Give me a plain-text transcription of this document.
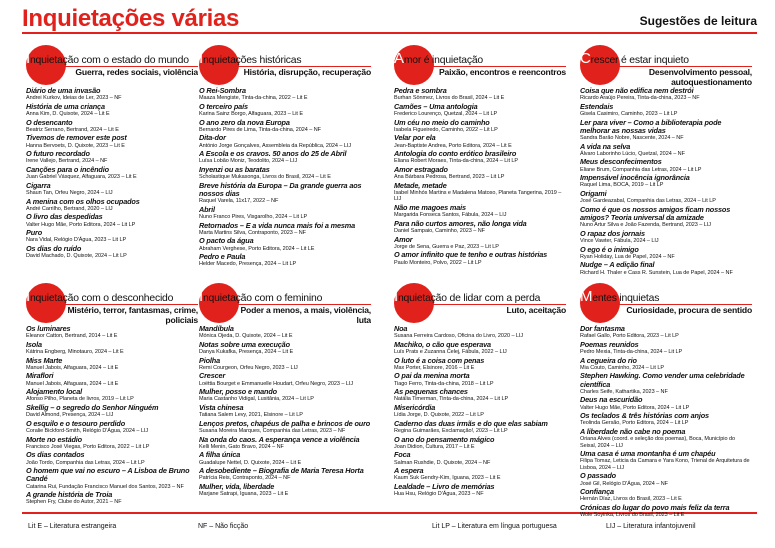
Inquietações várias	Sugestões de leitura
Inquietação com o estado do mundo
Guerra, redes sociais, violência
Diário de uma invasão
Andrei Kurkov, Ideias de Ler, 2023 – NF
História de uma criança
Anna Kim, D. Quixote, 2024 – Lit E
O desencanto
Beatriz Serrano, Bertrand, 2024 – Lit E
Tivemos de remover este post
Hanna Bervoets, D. Quixote, 2023 – Lit E
O futuro recordado
Irene Vallejo, Bertrand, 2024 – NF
Canções para o incêndio
Juan Gabriel Vásquez, Alfaguara, 2023 – Lit E
Cigarra
Shaun Tan, Orfeu Negro, 2024 – LIJ
A menina com os olhos ocupados
André Carrilho, Bertrand, 2020 – LIJ
O livro das despedidas
Valter Hugo Mãe, Porto Editora, 2024 – Lit LP
Puro
Nara Vidal, Relógio D'Água, 2023 – Lit LP
Os dias do ruído
David Machado, D. Quixote, 2024 – Lit LP
Inquietações históricas
História, disrupção, recuperação
O Rei-Sombra
Maaza Mengiste, Tinta-da-china, 2022 – Lit E
O terceiro país
Karina Sainz Borgo, Alfaguara, 2023 – Lit E
O ano zero da nova Europa
Bernardo Pires de Lima, Tinta-da-china, 2024 – NF
Dita-dor
António Jorge Gonçalves, Assembleia da República, 2024 – LIJ
A Escola e os cravos. 50 anos do 25 de Abril
Luísa Lobão Moniz, Teodolito, 2024 – LIJ
Inyenzi ou as baratas
Scholastique Mukasonga, Livros do Brasil, 2024 – Lit E
Breve história da Europa – Da grande guerra aos nossos dias
Raquel Varela, 11x17, 2022 – NF
Abril
Nuno Franco Pires, Visgarolho, 2024 – Lit LP
Retornados – E a vida nunca mais foi a mesma
Marta Martins Silva, Contraponto, 2023 – NF
O pacto da água
Abraham Verghese, Porto Editora, 2024 – Lit LE
Pedro e Paula
Helder Macedo, Presença, 2024 – Lit LP
Amor é inquietação
Paixão, encontros e reencontros
Pedra e sombra
Burhan Sönmez, Livros do Brasil, 2024 – Lit E
Camões – Uma antologia
Frederico Lourenço, Quetzal, 2024 – Lit LP
Um céu no meio do caminho
Isabela Figueiredo, Caminho, 2022 – Lit LP
Velar por ela
Jean-Baptiste Andrea, Porto Editora, 2024 – Lit E
Antologia do conto erótico brasileiro
Eliana Robert Moraes, Tinta-da-china, 2024 – Lit LP
Amor estragado
Ana Bárbara Pedrosa, Bertrand, 2023 – Lit LP
Metade, metade
Isabel Minhós Martins e Madalena Matoso, Planeta Tangerina, 2019 – LIJ
Não me magoes mais
Margarida Fonseca Santos, Fábula, 2024 – LIJ
Para não curtos amores, não longa vida
Daniel Sampaio, Caminho, 2023 – NF
Amor
Jorge de Sena, Guerra e Paz, 2023 – Lit LP
O amor infinito que te tenho e outras histórias
Paulo Monteiro, Polvo, 2022 – Lit LP
Crescer é estar inquieto
Desenvolvimento pessoal, autoquestionamento
Coisa que não edifica nem destrói
Ricardo Araújo Pereira, Tinta-da-china, 2023 – NF
Estendais
Gisela Casimiro, Caminho, 2023 – Lit LP
Ler para viver – Como a biblioterapia pode melhorar as nossas vidas
Sandra Barão Nobre, Nascente, 2024 – NF
A vida na selva
Álvaro Laborinho Lúcio, Quetzal, 2024 – NF
Meus desconfecimentos
Eliane Brum, Companhia das Letras, 2024 – Lit LP
Impensável inocência ignorância
Raquel Lima, BOCA, 2019 – Lit LP
Origami
José Gardeazabal, Companhia das Letras, 2024 – Lit LP
Como é que os nossos amigos ficam nossos amigos? Teoria universal da amizade
Nuno Artur Silva e João Fazenda, Bertrand, 2023 – LIJ
O rapaz dos jornais
Vince Vawter, Fábula, 2024 – LIJ
O ego é o inimigo
Ryan Holiday, Lua de Papel, 2024 – NF
Nudge – A edição final
Richard H. Thaler e Cass R. Sunstein, Lua de Papel, 2024 – NF
Inquietação com o desconhecido
Mistério, terror, fantasmas, crime, policiais
Os luminares
Eleanor Catton, Bertrand, 2014 – Lit E
Isola
Kátrina Engberg, Minotauro, 2024 – Lit E
Miss Marte
Manuel Jabois, Alfaguara, 2024 – Lit E
Miraflori
Manuel Jabois, Alfaguara, 2024 – Lit E
Alojamento local
Afonso Pilho, Planeta de livros, 2019 – Lit LP
Skellig – o segredo do Senhor Ninguém
David Almond, Presença, 2024 – LIJ
O esquilo e o tesouro perdido
Coralie Bickford-Smith, Relógio D'Água, 2024 – LIJ
Morte no estádio
Francisco José Viegas, Porto Editora, 2022 – Lit LP
Os dias contados
João Tordo, Companhia das Letras, 2024 – Lit LP
O homem que vai no escuro – A Lisboa de Bruno Candé
Catarina Rui, Fundação Francisco Manuel dos Santos, 2023 – NF
A grande história de Troia
Stephen Fry, Clube do Autor, 2021 – NF
Inquietação com o feminino
Poder a menos, a mais, violência, luta
Mandíbula
Mónica Ojeda, D. Quixote, 2024 – Lit E
Notas sobre uma execução
Danya Kukafka, Presença, 2024 – Lit E
Piolha
Remi Courgeon, Orfeu Negro, 2023 – LIJ
Crescer
Loëttia Bourget e Emmanuelle Houdart, Orfeu Negro, 2023 – LIJ
Mulher, posso e mando
Maria Castanho Vidigal, Lusitânia, 2024 – Lit LP
Vista chinesa
Tatiana Salem Levy, 2021, Elsinore – Lit LP
Lenços pretos, chapéus de palha e brincos de ouro
Susana Moreira Marques, Companhia das Letras, 2023 – NF
Na onda do caos. A esperança vence a violência
Kelli Menin, Gato Bravo, 2024 – NF
A filha única
Guadalupe Nettel, D. Quixote, 2024 – Lit E
A desobediente – Biografia de Maria Teresa Horta
Patrícia Reis, Contraponto, 2024 – NF
Mulher, vida, liberdade
Marjane Satrapi, Iguana, 2023 – Lit E
Inquietação de lidar com a perda
Luto, aceitação
Noa
Susana Ferreira Cardoso, Oficina do Livro, 2020 – LIJ
Machiko, o cão que esperava
Luís Prats e Zuzanna Celej, Fábula, 2022 – LIJ
O luto é a coisa com penas
Max Porter, Elsinore, 2016 – Lit E
O pai da menina morta
Tiago Ferro, Tinta-da-china, 2018 – Lit LP
As pequenas chances
Natália Timerman, Tinta-da-china, 2024 – Lit LP
Misericórdia
Lídia Jorge, D. Quixote, 2022 – Lit LP
Caderno das duas irmãs e do que elas sabiam
Regina Guimarães, Exclamação!, 2023 – Lit LP
O ano do pensamento mágico
Joan Didion, Cultura, 2017 – Lit E
Foca
Salman Rushdie, D. Quixote, 2024 – NF
A espera
Kaum Suk Gendry-Kim, Iguana, 2023 – Lit E
Lealdade – Livro de memórias
Hua Hsu, Relógio D'Água, 2023 – NF
Mentes inquietas
Curiosidade, procura de sentido
Dor fantasma
Rafael Gallo, Porto Editora, 2023 – Lit LP
Poemas reunidos
Pedro Mexia, Tinta-da-china, 2024 – Lit LP
A cegueira do rio
Mia Couto, Caminho, 2024 – Lit LP
Stephen Hawking. Como vender uma celebridade científica
Charles Seife, Kathartika, 2023 – NF
Deus na escuridão
Valter Hugo Mãe, Porto Editora, 2024 – Lit LP
Os teclados & três histórias com anjos
Teolinda Gersão, Porto Editora, 2024 – Lit LP
A liberdade não cabe no poema
Oriana Alves (coord. e seleção dos poemas), Boca, Município do Seixal, 2024 – LIJ
Uma casa é uma montanha é um chapéu
Filipa Tomaz, Leticia da Camara e Yara Kono, Trienal de Arquitetura de Lisboa, 2024 – LIJ
O passado
José Gil, Relógio D'Água, 2024 – NF
Confiança
Hernán Díaz, Livros do Brasil, 2023 – Lit E
Crónicas do lugar do povo mais feliz da terra
Wole Soyinka, Livros do Brasil, 2023 – Lit E
Lit E – Literatura estrangeira	NF – Não ficção	Lit LP – Literatura em língua portuguesa	LIJ – Literatura infantojuvenil
